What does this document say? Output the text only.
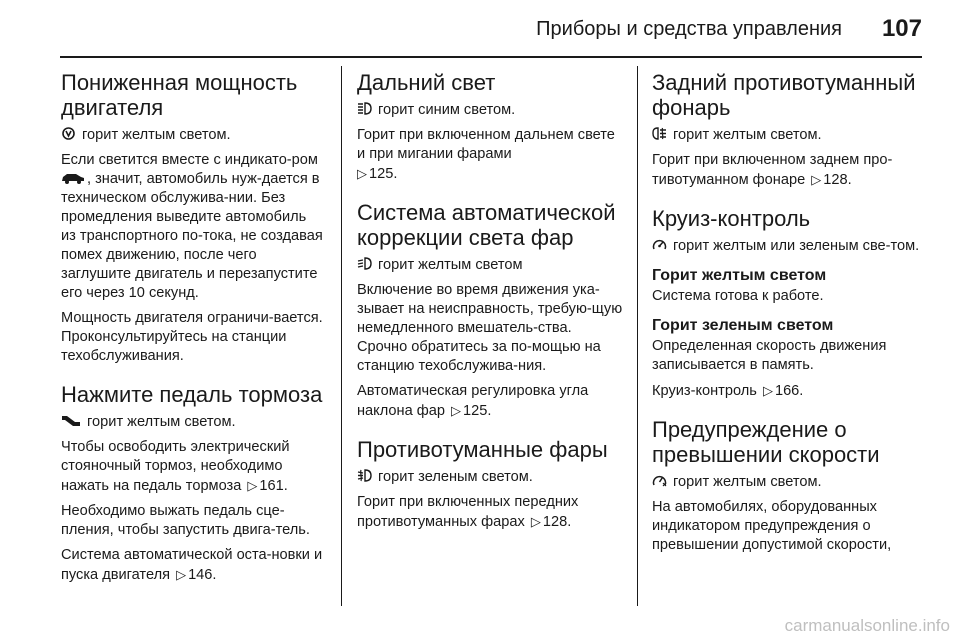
Приборы и средства управления 107
Пониженная мощность двигателя

горит желтым светом.

Если светится вместе с индикато-ром
, значит, автомобиль нуж-дается в техническом обслужива-нии. Без промедления выведите автомобиль из транспортного по-тока, не создавая помех движению, после чего заглушите двигатель и перезапустите его через 10 секунд.

Мощность двигателя ограничи-вается. Проконсультируйтесь на станции техобслуживания.

Нажмите педаль тормоза

горит желтым светом.

Чтобы освободить электрический стояночный тормоз, необходимо нажать на педаль тормоза ▷ 161.

Необходимо выжать педаль сце-пления, чтобы запустить двига-тель.

Система автоматической оста-новки и пуска двигателя ▷ 146.

Дальний свет

горит синим светом.

Горит при включенном дальнем свете и при мигании фарами
▷ 125.

Система автоматической коррекции света фар

горит желтым светом

Включение во время движения ука-зывает на неисправность, требую-щую немедленного вмешатель-ства. Срочно обратитесь за по-мощью на станцию техобслужива-ния.

Автоматическая регулировка угла наклона фар ▷ 125.

Противотуманные фары

горит зеленым светом.

Горит при включенных передних противотуманных фарах ▷ 128.

Задний противотуманный фонарь

горит желтым светом.

Горит при включенном заднем про-тивотуманном фонаре ▷ 128.

Круиз-контроль

горит желтым или зеленым све-том.

Горит желтым светом

Система готова к работе.

Горит зеленым светом

Определенная скорость движения записывается в память.

Круиз-контроль ▷ 166.

Предупреждение о превышении скорости

горит желтым светом.

На автомобилях, оборудованных индикатором предупреждения о превышении допустимой скорости,

carmanualsonline.info
